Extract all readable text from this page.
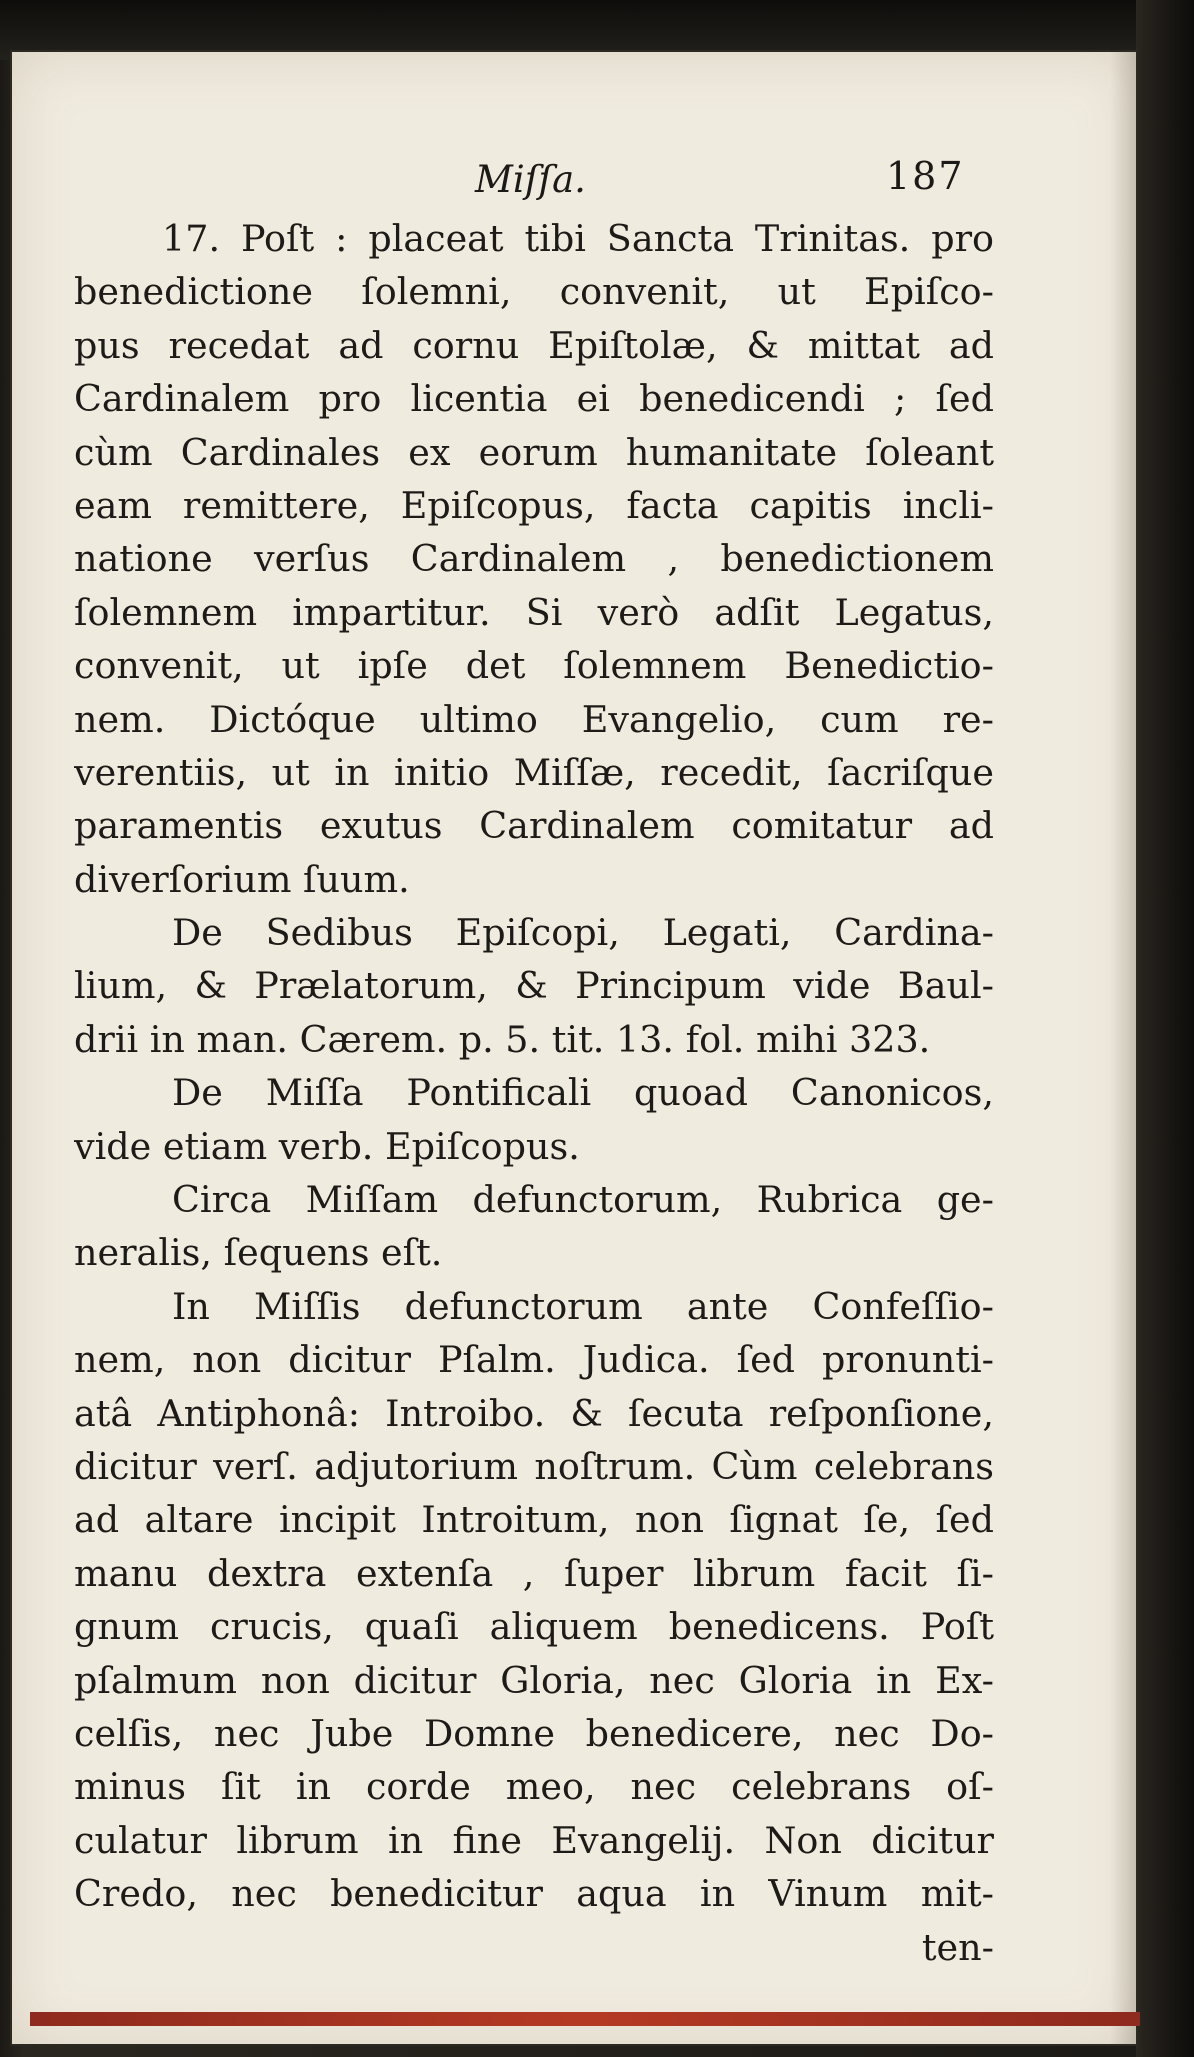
Miſſa.	187
17. Poſt : placeat tibi Sancta Trinitas. pro
benedictione ſolemni, convenit, ut Epiſco-
pus recedat ad cornu Epiſtolæ, & mittat ad
Cardinalem pro licentia ei benedicendi ; ſed
cùm Cardinales ex eorum humanitate ſoleant
eam remittere, Epiſcopus, facta capitis incli-
natione verſus Cardinalem , benedictionem
ſolemnem impartitur. Si verò adſit Legatus,
convenit, ut ipſe det ſolemnem Benedictio-
nem. Dictóque ultimo Evangelio, cum re-
verentiis, ut in initio Miſſæ, recedit, ſacriſque
paramentis exutus Cardinalem comitatur ad
diverſorium ſuum.
De Sedibus Epiſcopi, Legati, Cardina-
lium, & Prælatorum, & Principum vide Baul-
drii in man. Cærem. p. 5. tit. 13. fol. mihi 323.
De Miſſa Pontificali quoad Canonicos,
vide etiam verb. Epiſcopus.
Circa Miſſam defunctorum, Rubrica ge-
neralis, ſequens eſt.
In Miſſis defunctorum ante Confeſſio-
nem, non dicitur Pſalm. Judica. ſed pronunti-
atâ Antiphonâ: Introibo. & ſecuta reſponſione,
dicitur verſ. adjutorium noſtrum. Cùm celebrans
ad altare incipit Introitum, non ſignat ſe, ſed
manu dextra extenſa , ſuper librum facit ſi-
gnum crucis, quaſi aliquem benedicens. Poſt
pſalmum non dicitur Gloria, nec Gloria in Ex-
celſis, nec Jube Domne benedicere, nec Do-
minus ſit in corde meo, nec celebrans oſ-
culatur librum in fine Evangelij. Non dicitur
Credo, nec benedicitur aqua in Vinum mit-
ten-
